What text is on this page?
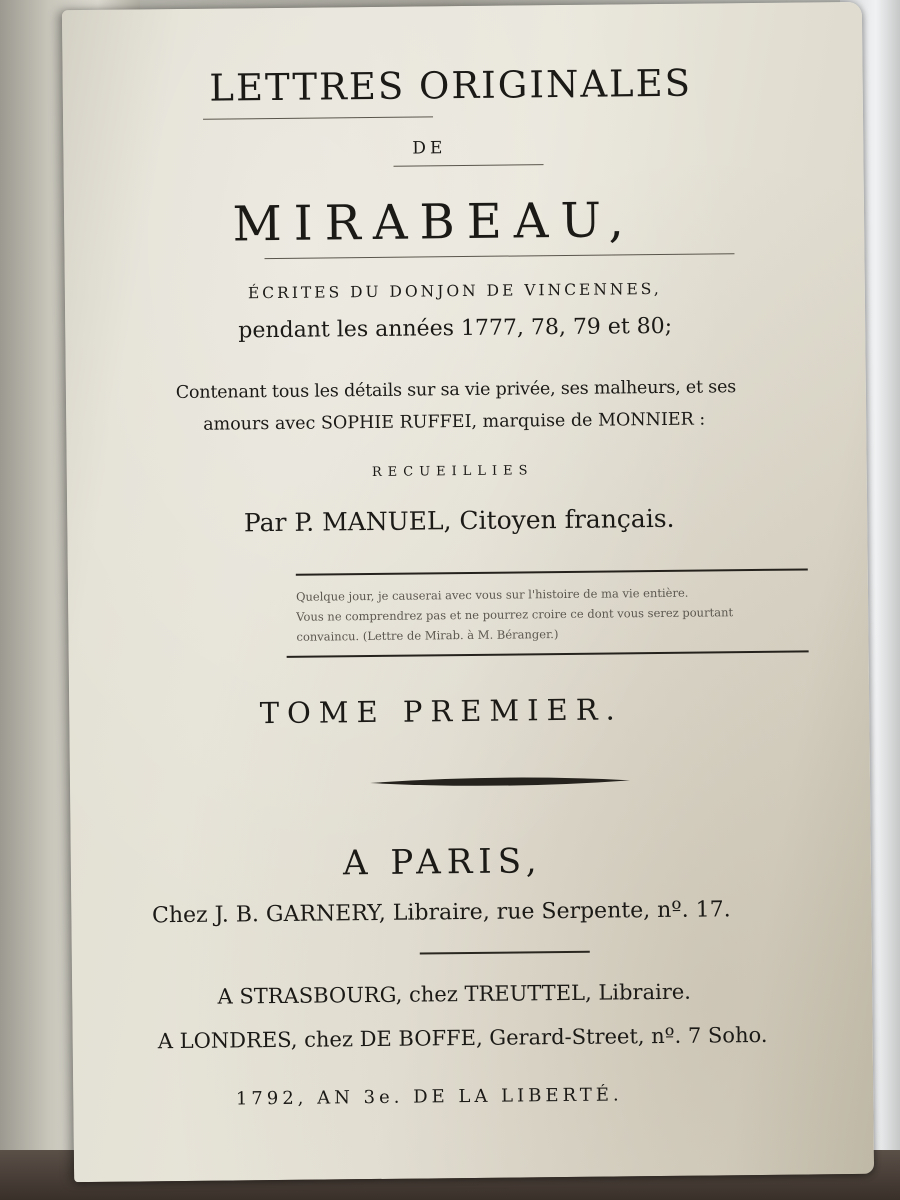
LETTRES ORIGINALES
DE
MIRABEAU,
ÉCRITES DU DONJON DE VINCENNES,
pendant les années 1777, 78, 79 et 80;
Contenant tous les détails sur sa vie privée, ses malheurs, et ses
amours avec SOPHIE RUFFEI, marquise de MONNIER :
RECUEILLIES
Par P. MANUEL, Citoyen français.
Quelque jour, je causerai avec vous sur l'histoire de ma vie entière.
Vous ne comprendrez pas et ne pourrez croire ce dont vous serez pourtant
convaincu. (Lettre de Mirab. à M. Béranger.)
TOME PREMIER.
A PARIS,
Chez J. B. GARNERY, Libraire, rue Serpente, nº. 17.
A STRASBOURG, chez TREUTTEL, Libraire.
A LONDRES, chez DE BOFFE, Gerard-Street, nº. 7 Soho.
1792, AN 3e. DE LA LIBERTÉ.
